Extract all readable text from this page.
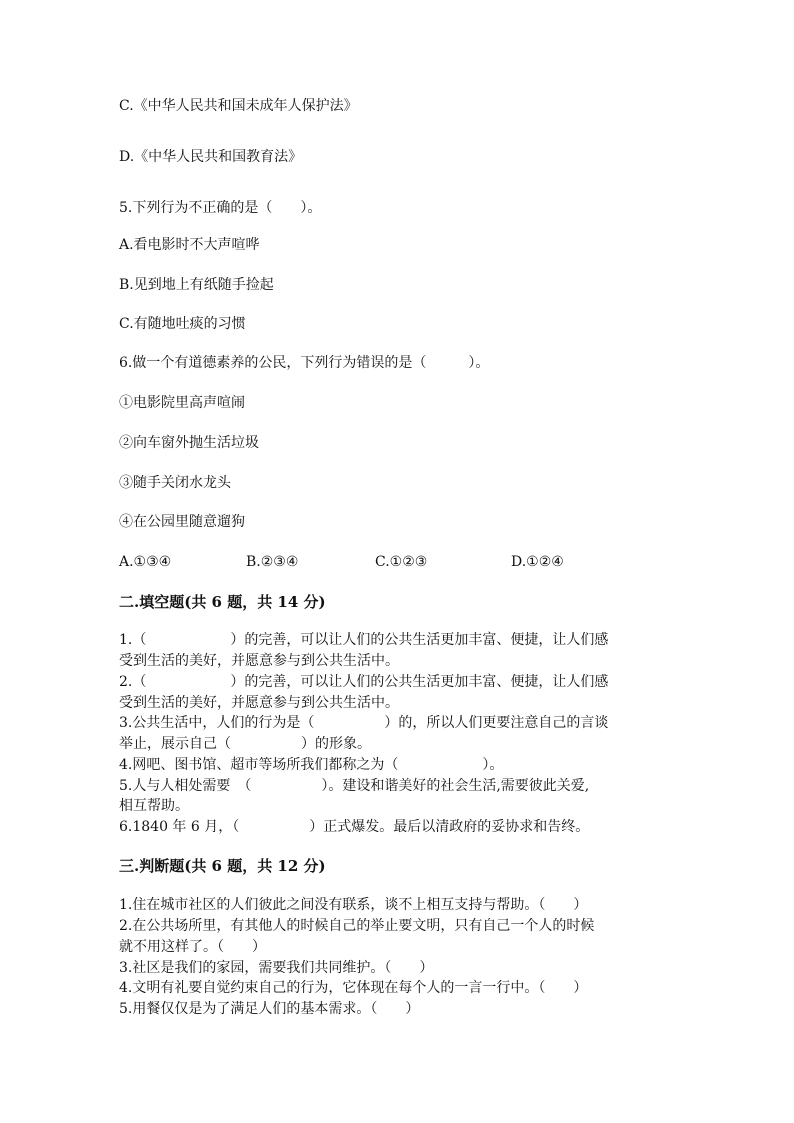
C.《中华人民共和国未成年人保护法》
D.《中华人民共和国教育法》
5.下列行为不正确的是（　　）。
A.看电影时不大声喧哗
B.见到地上有纸随手捡起
C.有随地吐痰的习惯
6.做一个有道德素养的公民，下列行为错误的是（　　　）。
①电影院里高声喧闹
②向车窗外抛生活垃圾
③随手关闭水龙头
④在公园里随意遛狗
A.①③④	B.②③④	C.①②③	D.①②④
二.填空题(共 6 题，共 14 分)
1.（　　　　　　）的完善，可以让人们的公共生活更加丰富、便捷，让人们感
受到生活的美好，并愿意参与到公共生活中。
2.（　　　　　　）的完善，可以让人们的公共生活更加丰富、便捷，让人们感
受到生活的美好，并愿意参与到公共生活中。
3.公共生活中，人们的行为是（　　　　　）的，所以人们更要注意自己的言谈
举止，展示自己（　　　　　）的形象。
4.网吧、图书馆、超市等场所我们都称之为（　　　　　　）。
5.人与人相处需要　（　　　　　）。建设和谐美好的社会生活,需要彼此关爱,
相互帮助。
6.1840 年 6 月，（　　　　　）正式爆发。最后以清政府的妥协求和告终。
三.判断题(共 6 题，共 12 分)
1.住在城市社区的人们彼此之间没有联系，谈不上相互支持与帮助。（　　）
2.在公共场所里，有其他人的时候自己的举止要文明，只有自己一个人的时候
就不用这样了。（　　）
3.社区是我们的家园，需要我们共同维护。（　　）
4.文明有礼要自觉约束自己的行为，它体现在每个人的一言一行中。（　　）
5.用餐仅仅是为了满足人们的基本需求。（　　）
